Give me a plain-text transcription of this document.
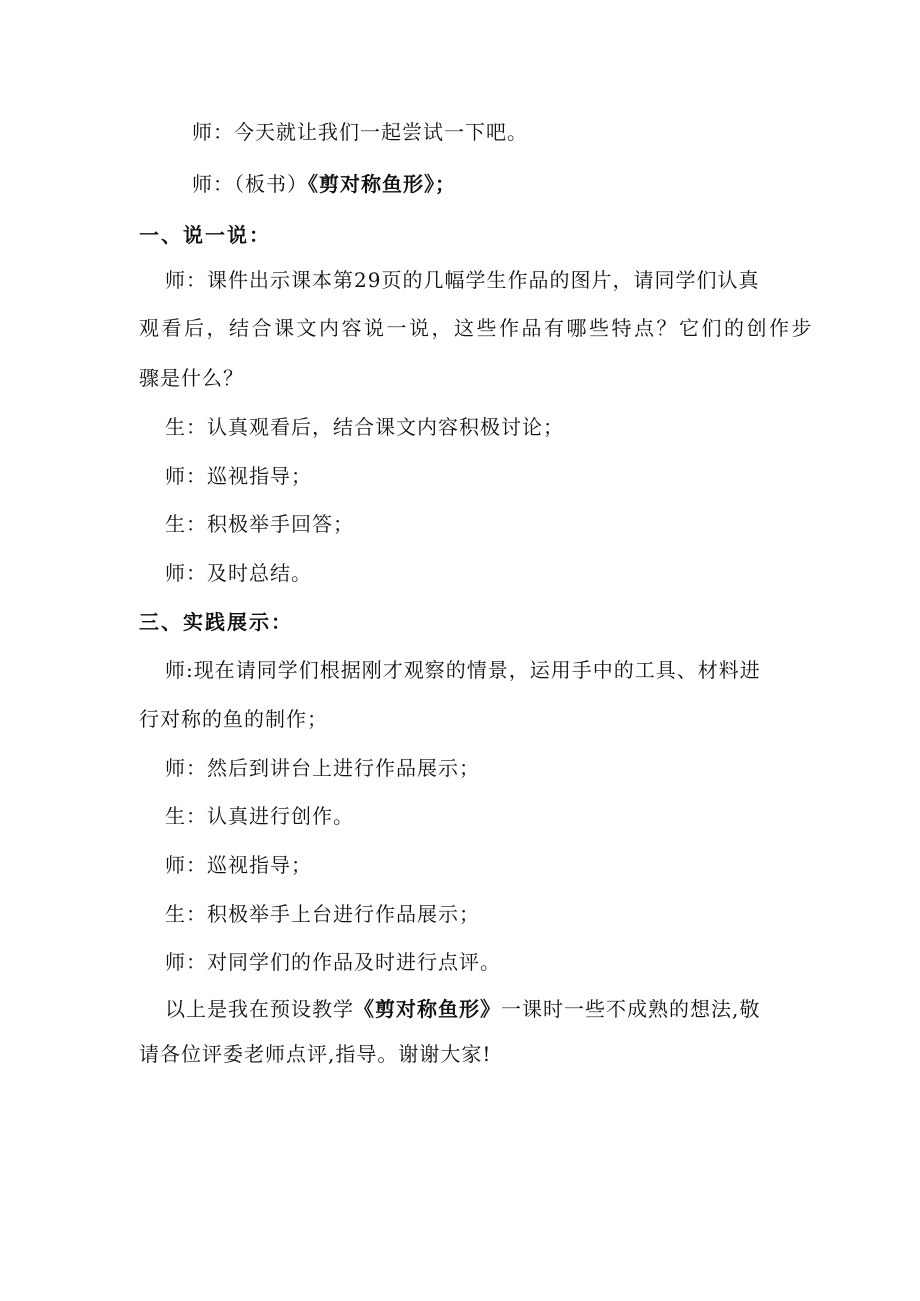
师：今天就让我们一起尝试一下吧。
师：（板书）《剪对称鱼形》；
一、说一说：
师：课件出示课本第29页的几幅学生作品的图片，请同学们认真
观看后，结合课文内容说一说，这些作品有哪些特点？它们的创作步
骤是什么？
生：认真观看后，结合课文内容积极讨论；
师：巡视指导；
生：积极举手回答；
师：及时总结。
三、实践展示：
师:现在请同学们根据刚才观察的情景，运用手中的工具、材料进
行对称的鱼的制作；
师：然后到讲台上进行作品展示；
生：认真进行创作。
师：巡视指导；
生：积极举手上台进行作品展示；
师：对同学们的作品及时进行点评。
以上是我在预设教学《剪对称鱼形》一课时一些不成熟的想法,敬
请各位评委老师点评,指导。谢谢大家!
